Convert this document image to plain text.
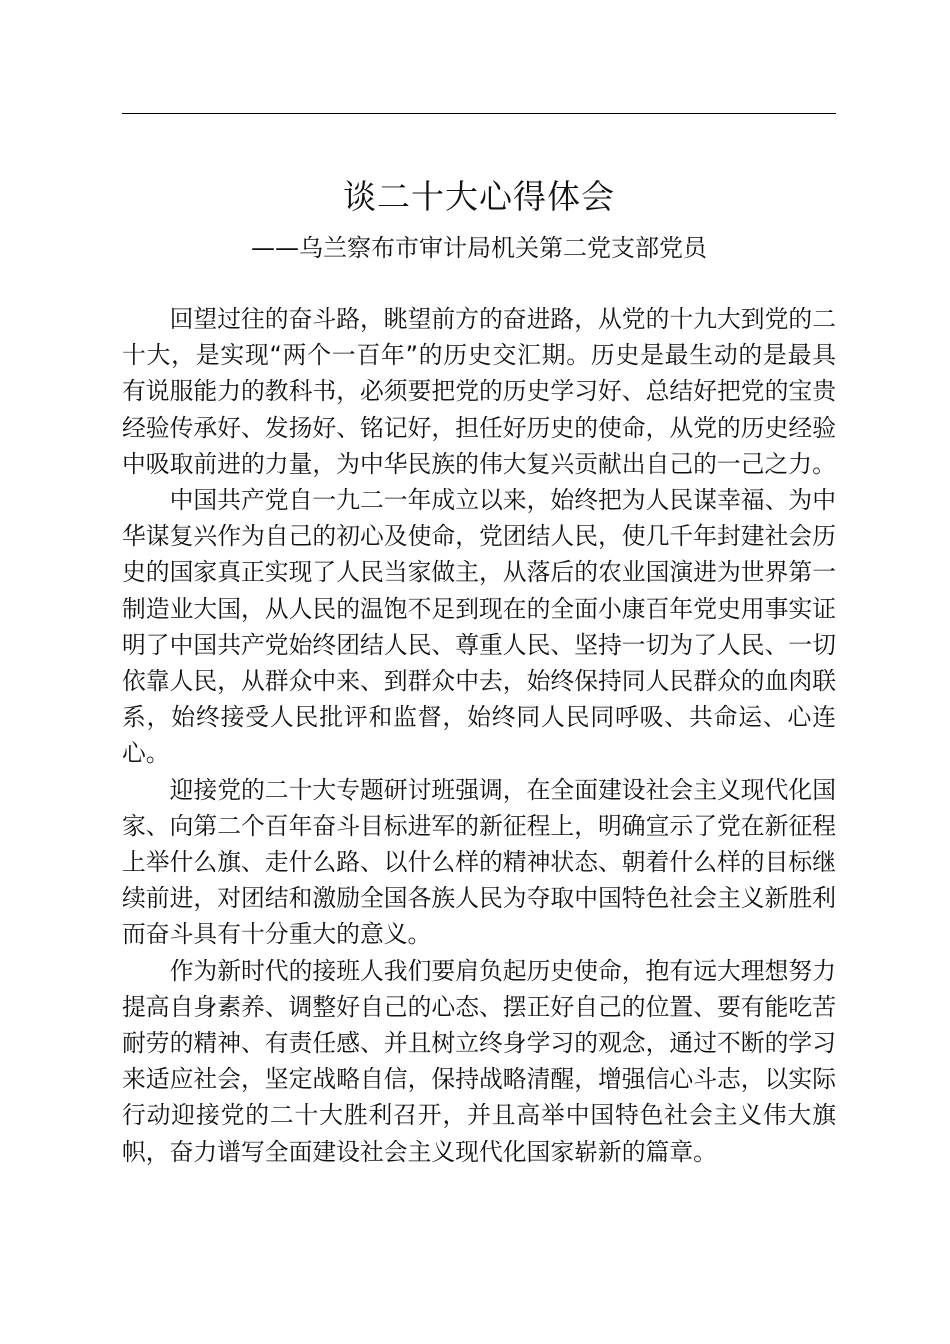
谈二十大心得体会
——乌兰察布市审计局机关第二党支部党员

回望过往的奋斗路，眺望前方的奋进路，从党的十九大到党的二十大，是实现“两个一百年”的历史交汇期。历史是最生动的是最具有说服能力的教科书，必须要把党的历史学习好、总结好把党的宝贵经验传承好、发扬好、铭记好，担任好历史的使命，从党的历史经验中吸取前进的力量，为中华民族的伟大复兴贡献出自己的一己之力。

中国共产党自一九二一年成立以来，始终把为人民谋幸福、为中华谋复兴作为自己的初心及使命，党团结人民，使几千年封建社会历史的国家真正实现了人民当家做主，从落后的农业国演进为世界第一制造业大国，从人民的温饱不足到现在的全面小康百年党史用事实证明了中国共产党始终团结人民、尊重人民、坚持一切为了人民、一切依靠人民，从群众中来、到群众中去，始终保持同人民群众的血肉联系，始终接受人民批评和监督，始终同人民同呼吸、共命运、心连心。

迎接党的二十大专题研讨班强调，在全面建设社会主义现代化国家、向第二个百年奋斗目标进军的新征程上，明确宣示了党在新征程上举什么旗、走什么路、以什么样的精神状态、朝着什么样的目标继续前进，对团结和激励全国各族人民为夺取中国特色社会主义新胜利而奋斗具有十分重大的意义。

作为新时代的接班人我们要肩负起历史使命，抱有远大理想努力提高自身素养、调整好自己的心态、摆正好自己的位置、要有能吃苦耐劳的精神、有责任感、并且树立终身学习的观念，通过不断的学习来适应社会，坚定战略自信，保持战略清醒，增强信心斗志，以实际行动迎接党的二十大胜利召开，并且高举中国特色社会主义伟大旗帜，奋力谱写全面建设社会主义现代化国家崭新的篇章。
